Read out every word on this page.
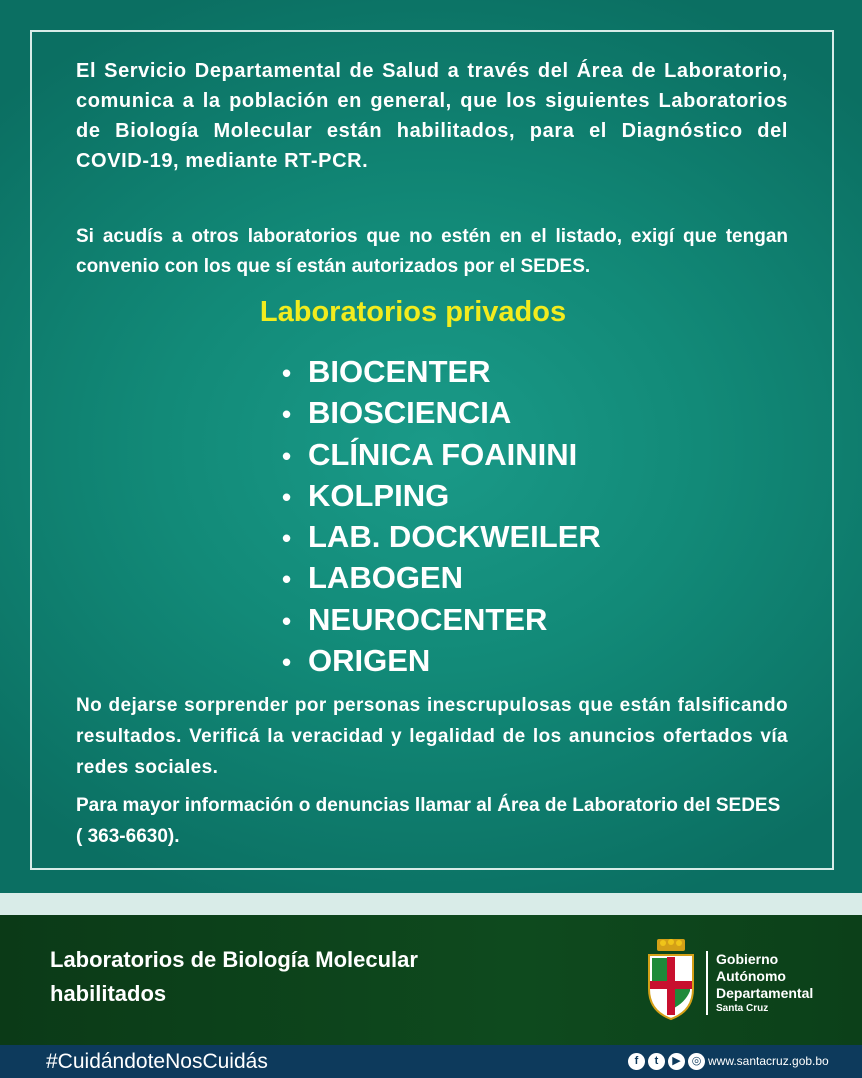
El Servicio Departamental de Salud a través del Área de Laboratorio, comunica a la población en general, que los siguientes Laboratorios de Biología Molecular están habilitados, para el Diagnóstico del COVID-19, mediante RT-PCR.

Si acudís a otros laboratorios que no estén en el listado, exigí que tengan convenio con los que sí están autorizados por el SEDES.

Laboratorios privados
• BIOCENTER
• BIOSCIENCIA
• CLÍNICA FOAININI
• KOLPING
• LAB. DOCKWEILER
• LABOGEN
• NEUROCENTER
• ORIGEN

No dejarse sorprender por personas inescrupulosas que están falsificando resultados. Verificá la veracidad y legalidad de los anuncios ofertados vía redes sociales.

Para mayor información o denuncias llamar al Área de Laboratorio del SEDES ( 363-6630).

Laboratorios de Biología Molecular habilitados

Gobierno
Autónomo
Departamental
Santa Cruz

#CuidándoteNosCuidás	f	t	▶ ◎ www.santacruz.gob.bo
